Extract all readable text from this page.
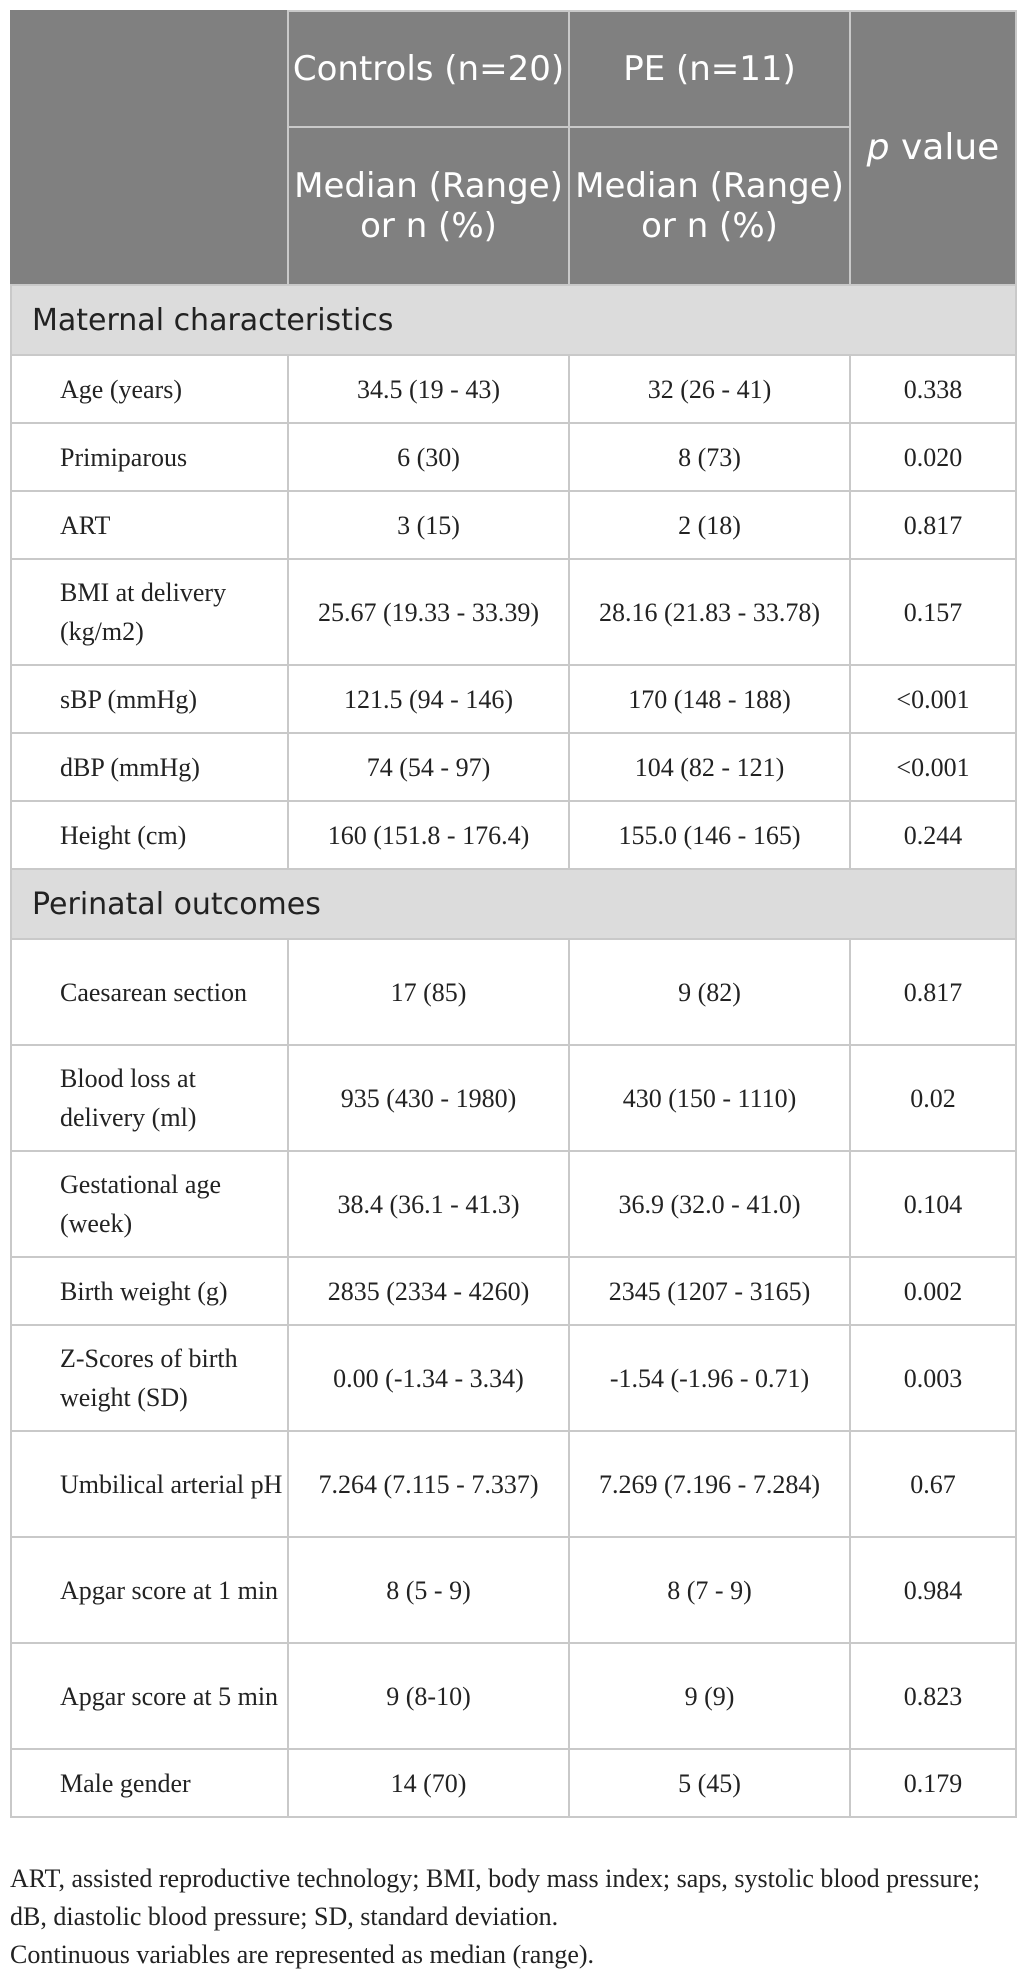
	Controls (n=20)	PE (n=11)	p value
	Median (Range) or n (%)	Median (Range) or n (%)	
Maternal characteristics			
Age (years)	34.5 (19 - 43)	32 (26 - 41)	0.338
Primiparous	6 (30)	8 (73)	0.020
ART	3 (15)	2 (18)	0.817
BMI at delivery (kg/m2)	25.67 (19.33 - 33.39)	28.16 (21.83 - 33.78)	0.157
sBP (mmHg)	121.5 (94 - 146)	170 (148 - 188)	<0.001
dBP (mmHg)	74 (54 - 97)	104 (82 - 121)	<0.001
Height (cm)	160 (151.8 - 176.4)	155.0 (146 - 165)	0.244
Perinatal outcomes			
Caesarean section	17 (85)	9 (82)	0.817
Blood loss at delivery (ml)	935 (430 - 1980)	430 (150 - 1110)	0.02
Gestational age (week)	38.4 (36.1 - 41.3)	36.9 (32.0 - 41.0)	0.104
Birth weight (g)	2835 (2334 - 4260)	2345 (1207 - 3165)	0.002
Z-Scores of birth weight (SD)	0.00 (-1.34 - 3.34)	-1.54 (-1.96 - 0.71)	0.003
Umbilical arterial pH	7.264 (7.115 - 7.337)	7.269 (7.196 - 7.284)	0.67
Apgar score at 1 min	8 (5 - 9)	8 (7 - 9)	0.984
Apgar score at 5 min	9 (8-10)	9 (9)	0.823
Male gender	14 (70)	5 (45)	0.179
ART, assisted reproductive technology; BMI, body mass index; saps, systolic blood pressure;
dB, diastolic blood pressure; SD, standard deviation.
Continuous variables are represented as median (range).
